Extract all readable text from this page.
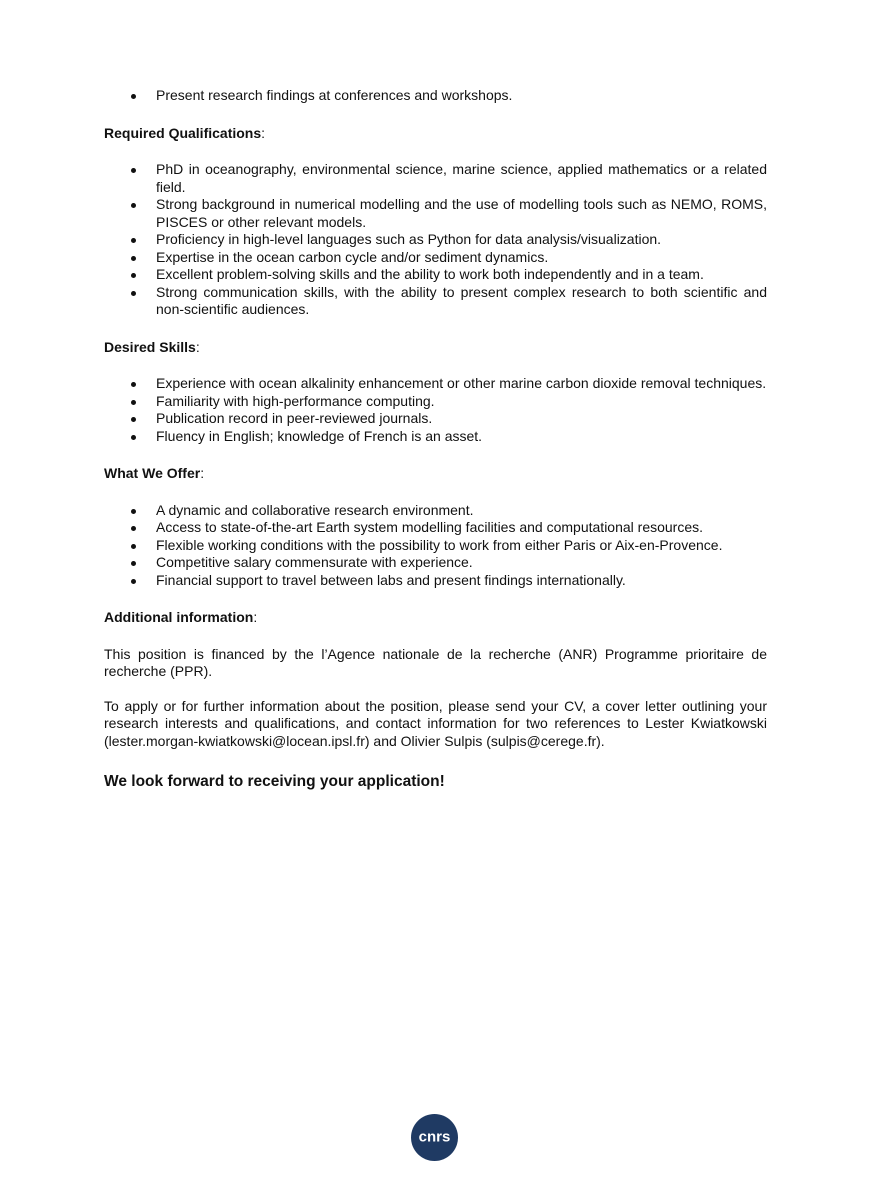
Present research findings at conferences and workshops.
Required Qualifications:
PhD in oceanography, environmental science, marine science, applied mathematics or a related field.
Strong background in numerical modelling and the use of modelling tools such as NEMO, ROMS, PISCES or other relevant models.
Proficiency in high-level languages such as Python for data analysis/visualization.
Expertise in the ocean carbon cycle and/or sediment dynamics.
Excellent problem-solving skills and the ability to work both independently and in a team.
Strong communication skills, with the ability to present complex research to both scientific and non-scientific audiences.
Desired Skills:
Experience with ocean alkalinity enhancement or other marine carbon dioxide removal techniques.
Familiarity with high-performance computing.
Publication record in peer-reviewed journals.
Fluency in English; knowledge of French is an asset.
What We Offer:
A dynamic and collaborative research environment.
Access to state-of-the-art Earth system modelling facilities and computational resources.
Flexible working conditions with the possibility to work from either Paris or Aix-en-Provence.
Competitive salary commensurate with experience.
Financial support to travel between labs and present findings internationally.
Additional information:

This position is financed by the l’Agence nationale de la recherche (ANR) Programme prioritaire de recherche (PPR).

To apply or for further information about the position, please send your CV, a cover letter outlining your research interests and qualifications, and contact information for two references to Lester Kwiatkowski (lester.morgan-kwiatkowski@locean.ipsl.fr) and Olivier Sulpis (sulpis@cerege.fr).

We look forward to receiving your application!
cnrs
